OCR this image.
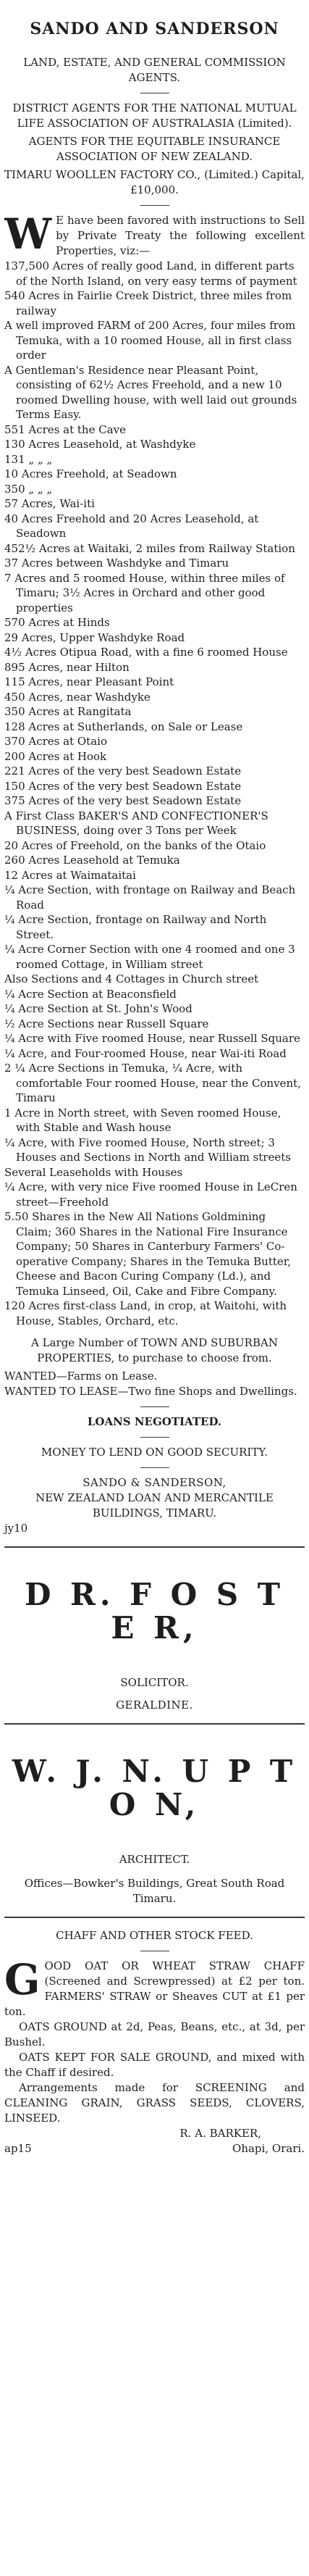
SANDO AND SANDERSON

LAND, ESTATE, AND GENERAL COMMISSION AGENTS.

DISTRICT AGENTS FOR THE NATIONAL MUTUAL LIFE ASSOCIATION OF AUSTRALASIA (Limited).

AGENTS FOR THE EQUITABLE INSURANCE ASSOCIATION OF NEW ZEALAND.

TIMARU WOOLLEN FACTORY CO., (Limited.) Capital, £10,000.

W E have been favored with instructions to Sell by Private Treaty the following excellent Properties, viz:—

137,500 Acres of really good Land, in different parts of the North Island, on very easy terms of payment

540 Acres in Fairlie Creek District, three miles from railway

A well improved FARM of 200 Acres, four miles from Temuka, with a 10 roomed House, all in first class order

A Gentleman's Residence near Pleasant Point, consisting of 62½ Acres Freehold, and a new 10 roomed Dwelling house, with well laid out grounds Terms Easy.

551 Acres at the Cave

130 Acres Leasehold, at Washdyke

131 „ „ „

10 Acres Freehold, at Seadown

350 „ „ „

57 Acres, Wai-iti

40 Acres Freehold and 20 Acres Leasehold, at Seadown

452½ Acres at Waitaki, 2 miles from Railway Station

37 Acres between Washdyke and Timaru

7 Acres and 5 roomed House, within three miles of Timaru; 3½ Acres in Orchard and other good properties

570 Acres at Hinds

29 Acres, Upper Washdyke Road

4½ Acres Otipua Road, with a fine 6 roomed House

895 Acres, near Hilton

115 Acres, near Pleasant Point

450 Acres, near Washdyke

350 Acres at Rangitata

128 Acres at Sutherlands, on Sale or Lease

370 Acres at Otaio

200 Acres at Hook

221 Acres of the very best Seadown Estate

150 Acres of the very best Seadown Estate

375 Acres of the very best Seadown Estate

A First Class BAKER'S AND CONFECTIONER'S BUSINESS, doing over 3 Tons per Week

20 Acres of Freehold, on the banks of the Otaio

260 Acres Leasehold at Temuka

12 Acres at Waimataitai

¼ Acre Section, with frontage on Railway and Beach Road

¼ Acre Section, frontage on Railway and North Street.

¼ Acre Corner Section with one 4 roomed and one 3 roomed Cottage, in William street

Also Sections and 4 Cottages in Church street

¼ Acre Section at Beaconsfield

¼ Acre Section at St. John's Wood

½ Acre Sections near Russell Square

¼ Acre with Five roomed House, near Russell Square

¼ Acre, and Four-roomed House, near Wai-iti Road

2 ¼ Acre Sections in Temuka, ¼ Acre, with comfortable Four roomed House, near the Convent, Timaru

1 Acre in North street, with Seven roomed House, with Stable and Wash house

¼ Acre, with Five roomed House, North street; 3 Houses and Sections in North and William streets

Several Leaseholds with Houses

¼ Acre, with very nice Five roomed House in LeCren street—Freehold

5.50 Shares in the New All Nations Goldmining Claim; 360 Shares in the National Fire Insurance Company; 50 Shares in Canterbury Farmers' Co-operative Company; Shares in the Temuka Butter, Cheese and Bacon Curing Company (Ld.), and Temuka Linseed, Oil, Cake and Fibre Company.

120 Acres first-class Land, in crop, at Waitohi, with House, Stables, Orchard, etc.

A Large Number of TOWN AND SUBURBAN PROPERTIES, to purchase to choose from.

WANTED—Farms on Lease.

WANTED TO LEASE—Two fine Shops and Dwellings.

LOANS NEGOTIATED.

MONEY TO LEND ON GOOD SECURITY.

SANDO & SANDERSON,

NEW ZEALAND LOAN AND MERCANTILE BUILDINGS, TIMARU.

jy10

D R. F O S T E R,

SOLICITOR.

GERALDINE.

W. J. N. U P T O N,

ARCHITECT.

Offices—Bowker's Buildings, Great South Road Timaru.

CHAFF AND OTHER STOCK FEED.

G OOD OAT OR WHEAT STRAW CHAFF (Screened and Screwpressed) at £2 per ton. FARMERS' STRAW or Sheaves CUT at £1 per ton.

OATS GROUND at 2d, Peas, Beans, etc., at 3d, per Bushel.

OATS KEPT FOR SALE GROUND, and mixed with the Chaff if desired.

Arrangements made for SCREENING and CLEANING GRAIN, GRASS SEEDS, CLOVERS, LINSEED.

R. A. BARKER,

ap15	Ohapi, Orari.
